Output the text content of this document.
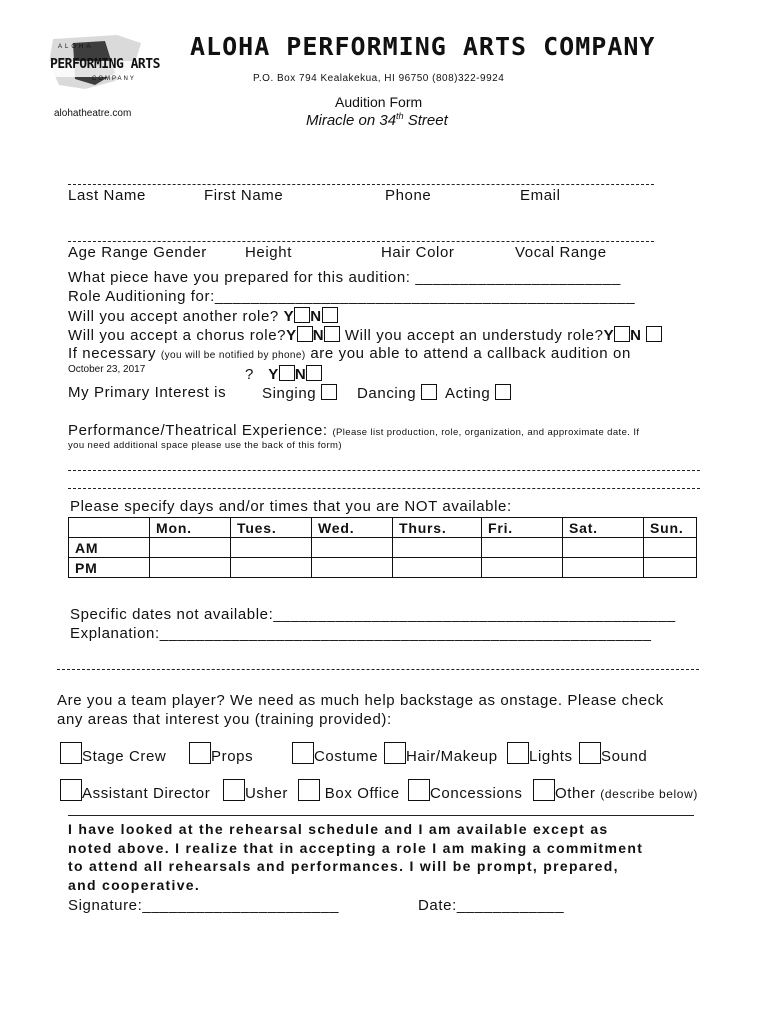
ALOHA
PERFORMING ARTS
COMPANY
alohatheatre.com
ALOHA PERFORMING ARTS COMPANY
P.O. Box 794 Kealakekua, HI 96750 (808)322-9924
Audition Form
Miracle on 34th Street
Last Name	First Name	Phone	Email
Age Range Gender	Height	Hair Color	Vocal Range
What piece have you prepared for this audition: _______________________
Role Auditioning for:_______________________________________________
Will you accept another role? Y N
Will you accept a chorus role?Y N Will you accept an understudy role?Y N
If necessary (you will be notified by phone) are you able to attend a callback audition on
October 23, 2017	? Y N
My Primary Interest is Singing	Dancing	Acting
Performance/Theatrical Experience: (Please list production, role, organization, and approximate date. If
you need additional space please use the back of this form)
Please specify days and/or times that you are NOT available:
	Mon.	Tues.	Wed.	Thurs.	Fri.	Sat.	Sun.
AM							
PM							
Specific dates not available:_____________________________________________
Explanation:_______________________________________________________
Are you a team player? We need as much help backstage as onstage. Please check
any areas that interest you (training provided):
Stage Crew	Props	Costume	Hair/Makeup	Lights	Sound
Assistant Director	Usher	Box Office	Concessions	Other (describe below)
I have looked at the rehearsal schedule and I am available except as
noted above. I realize that in accepting a role I am making a commitment
to attend all rehearsals and performances. I will be prompt, prepared,
and cooperative.
Signature:______________________	Date:____________
